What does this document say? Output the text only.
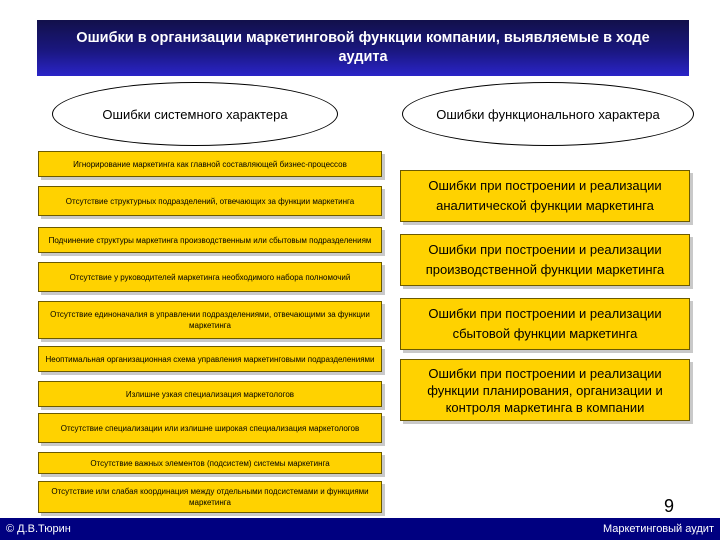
Ошибки в организации маркетинговой функции компании, выявляемые в ходе аудита
Ошибки системного характера	Ошибки функционального характера
Игнорирование маркетинга как главной составляющей бизнес-процессов
Отсутствие структурных подразделений, отвечающих за функции маркетинга
Подчинение структуры маркетинга производственным или сбытовым подразделениям
Отсутствие у руководителей маркетинга необходимого набора полномочий
Отсутствие единоначалия в управлении подразделениями, отвечающими за функции маркетинга
Неоптимальная организационная схема управления маркетинговыми подразделениями
Излишне узкая специализация маркетологов
Отсутствие специализации или излишне широкая специализация маркетологов
Отсутствие важных элементов (подсистем) системы маркетинга
Отсутствие или слабая координация между отдельными подсистемами и функциями маркетинга
Ошибки при построении и реализации аналитической функции маркетинга
Ошибки при построении и реализации производственной функции маркетинга
Ошибки при построении и реализации сбытовой функции маркетинга
Ошибки при построении и реализации функции планирования, организации и контроля маркетинга в компании
9
© Д.В.Тюрин	Маркетинговый аудит
